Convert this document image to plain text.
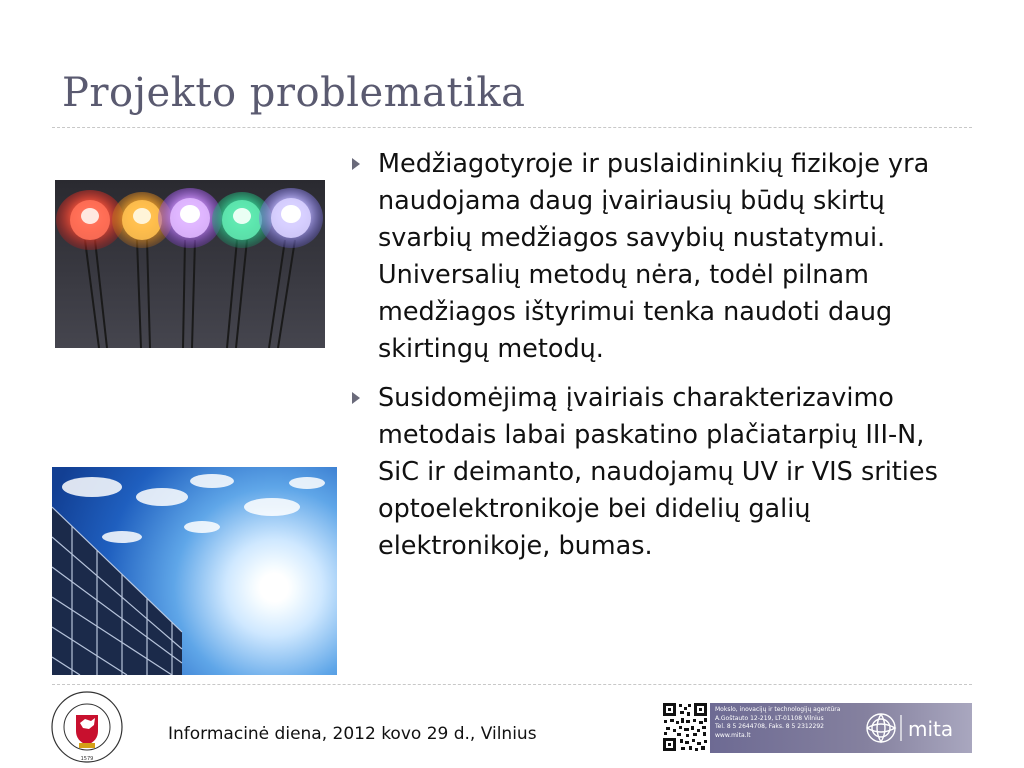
Projekto problematika
Medžiagotyroje ir puslaidininkių fizikoje yra naudojama daug įvairiausių būdų skirtų svarbių medžiagos savybių nustatymui. Universalių metodų nėra, todėl pilnam medžiagos ištyrimui tenka naudoti daug skirtingų metodų.
Susidomėjimą įvairiais charakterizavimo metodais labai paskatino plačiatarpių III-N, SiC ir deimanto, naudojamų UV ir VIS srities optoelektronikoje bei didelių galių elektronikoje, bumas.
1579
Informacinė diena, 2012 kovo 29 d., Vilnius
Mokslo, inovacijų ir technologijų agentūra
A.Goštauto 12-219, LT-01108 Vilnius
Tel. 8 5 2644708, Faks. 8 5 2312292
www.mita.lt	mita
